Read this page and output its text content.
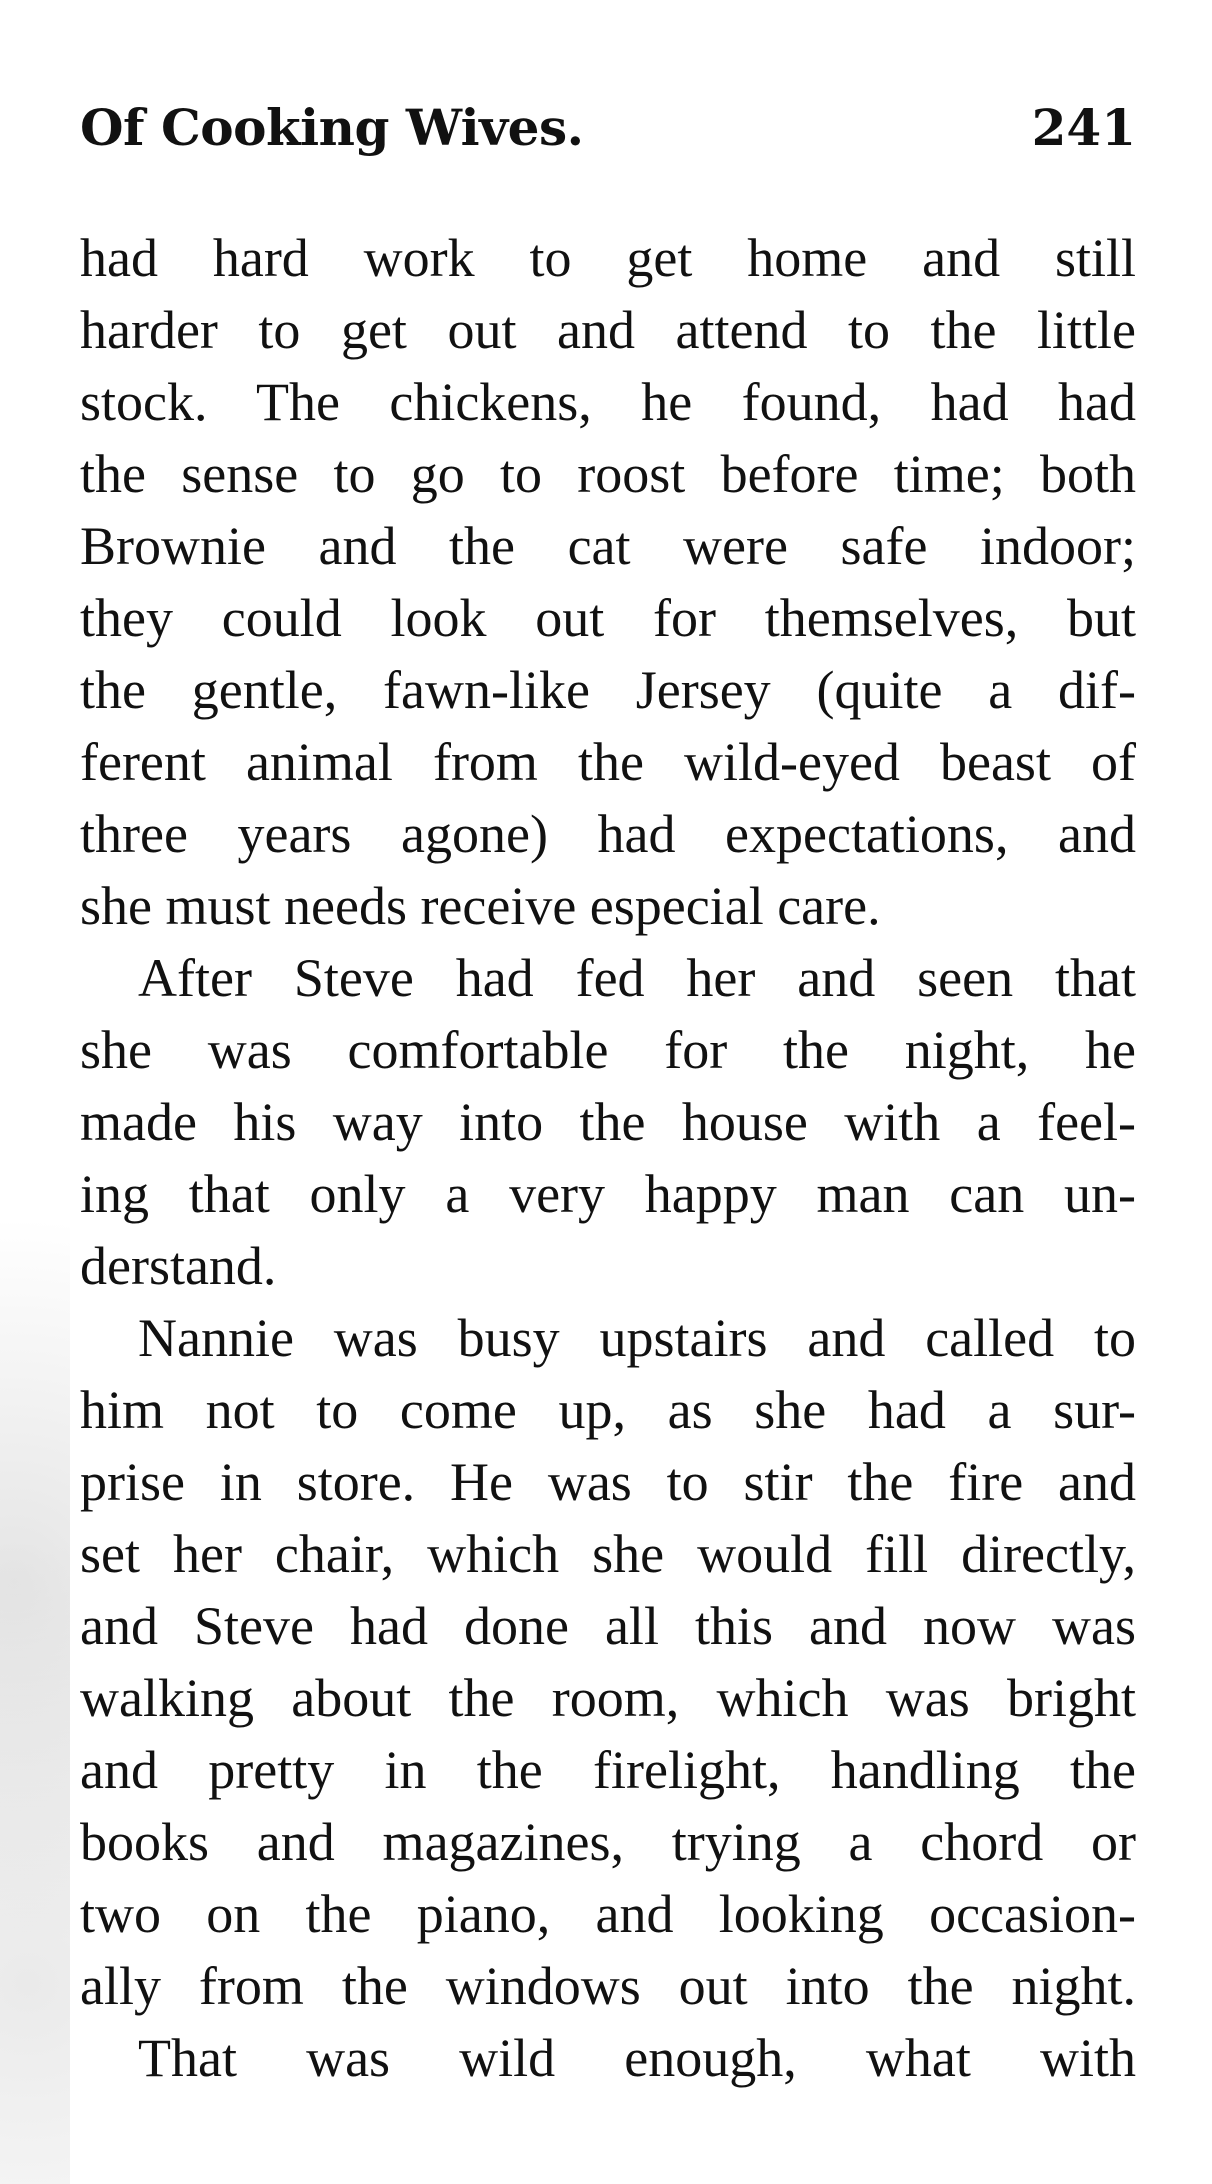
Of Cooking Wives.	241
had hard work to get home and still
harder to get out and attend to the little
stock. The chickens, he found, had had
the sense to go to roost before time; both
Brownie and the cat were safe indoor;
they could look out for themselves, but
the gentle, fawn-like Jersey (quite a dif-
ferent animal from the wild-eyed beast of
three years agone) had expectations, and
she must needs receive especial care.
After Steve had fed her and seen that
she was comfortable for the night, he
made his way into the house with a feel-
ing that only a very happy man can un-
derstand.
Nannie was busy upstairs and called to
him not to come up, as she had a sur-
prise in store. He was to stir the fire and
set her chair, which she would fill directly,
and Steve had done all this and now was
walking about the room, which was bright
and pretty in the firelight, handling the
books and magazines, trying a chord or
two on the piano, and looking occasion-
ally from the windows out into the night.
That was wild enough, what with
